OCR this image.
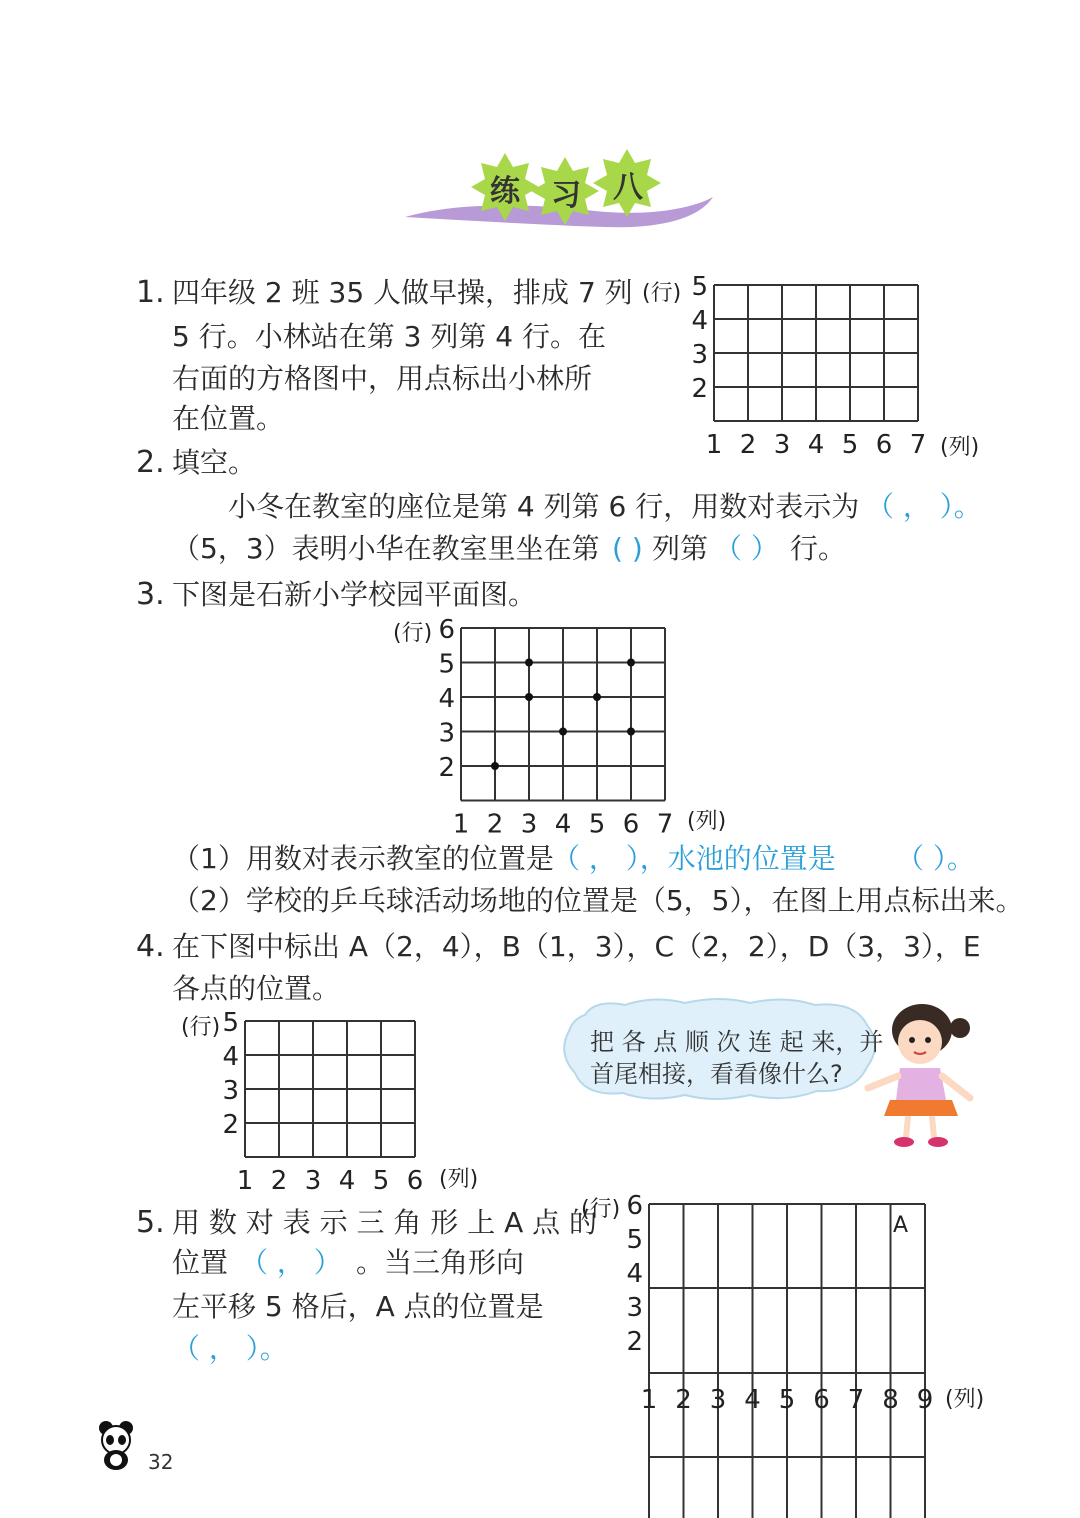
练 习 八
1. 四年级 2 班 35 人做早操，排成 7 列
5 行。小林站在第 3 列第 4 行。在
右面的方格图中，用点标出小林所
在位置。
(行)
(列)
5
4
3
2
1 2 3 4 5 6 7
2. 填空。
小冬在教室的座位是第 4 列第 6 行，用数对表示为 （ ， ）。
（5，3）表明小华在教室里坐在第 ( ) 列第 （ ） 行。
3. 下图是石新小学校园平面图。
(行)
(列)
6
5
4
3
2
1 2 3 4 5 6 7
（1）用数对表示教室的位置是
（ ， ），水池的位置是 （ ）。
（2）学校的乒乓球活动场地的位置是（5，5），在图上用点标出来。
4. 在下图中标出 A（2，4），B（1，3），C（2，2），D（3，3），E
各点的位置。
(行)
(列)
5
4
3
2
1 2 3 4 5 6
把 各 点 顺 次 连 起 来，并
首尾相接，看看像什么?
5. 用 数 对 表 示 三 角 形 上 A 点 的
位置 （ ， ） 。当三角形向
左平移 5 格后，A 点的位置是
（ ， ）。
(行)
(列)
A
6
5
4
3
2
1 2 3 4 5 6 7 8 9
32
